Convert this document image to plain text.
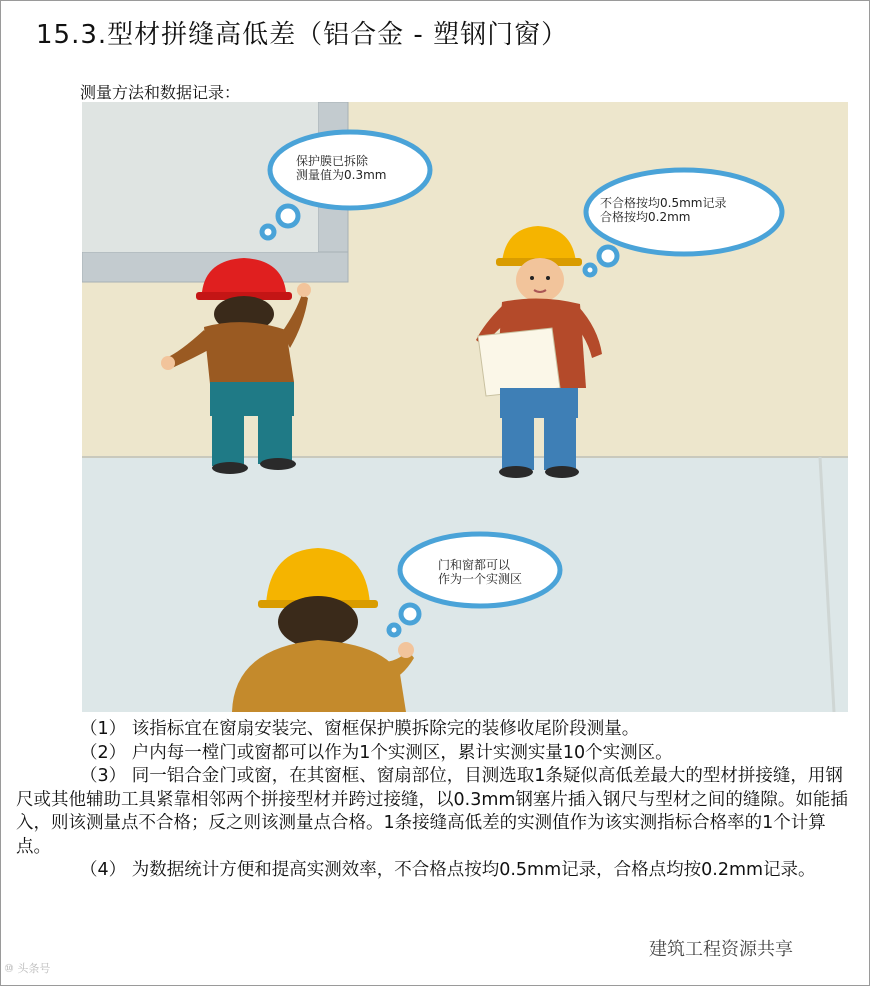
15.3.型材拼缝高低差（铝合金 - 塑钢门窗）
测量方法和数据记录：
保护膜已拆除
测量值为0.3mm
不合格按均0.5mm记录
合格按均0.2mm
门和窗都可以
作为一个实测区

（1） 该指标宜在窗扇安装完、窗框保护膜拆除完的装修收尾阶段测量。

（2） 户内每一樘门或窗都可以作为1个实测区，累计实测实量10个实测区。

（3） 同一铝合金门或窗，在其窗框、窗扇部位，目测选取1条疑似高低差最大的型材拼接缝，用钢尺或其他辅助工具紧靠相邻两个拼接型材并跨过接缝，以0.3mm钢塞片插入钢尺与型材之间的缝隙。如能插入，则该测量点不合格；反之则该测量点合格。1条接缝高低差的实测值作为该实测指标合格率的1个计算点。

（4） 为数据统计方便和提高实测效率，不合格点按均0.5mm记录，合格点均按0.2mm记录。

建筑工程资源共享
⑩ 头条号
